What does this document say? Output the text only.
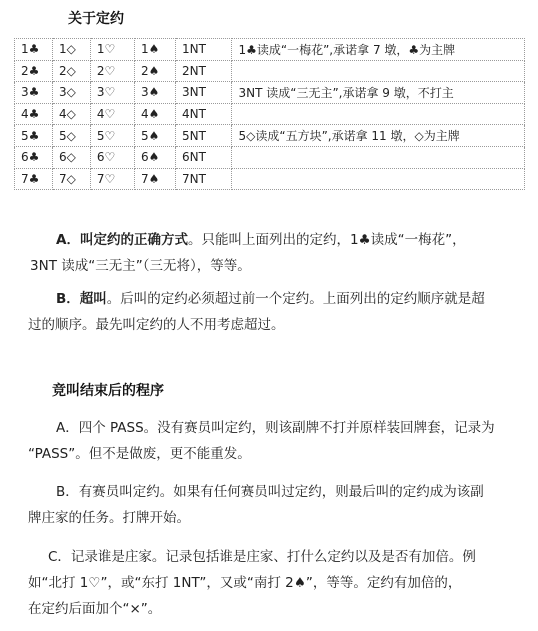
关于定约
1♣	1◇	1♡	1♠	1NT	1♣读成“一梅花”,承诺拿 7 墩，♣为主牌
2♣	2◇	2♡	2♠	2NT	
3♣	3◇	3♡	3♠	3NT	3NT 读成“三无主”,承诺拿 9 墩，不打主
4♣	4◇	4♡	4♠	4NT	
5♣	5◇	5♡	5♠	5NT	5◇读成“五方块”,承诺拿 11 墩，◇为主牌
6♣	6◇	6♡	6♠	6NT	
7♣	7◇	7♡	7♠	7NT	
A．叫定约的正确方式。只能叫上面列出的定约，1♣读成“一梅花”，
3NT 读成“三无主”（三无将），等等。
B．超叫。后叫的定约必须超过前一个定约。上面列出的定约顺序就是超
过的顺序。最先叫定约的人不用考虑超过。
竞叫结束后的程序
A．四个 PASS。没有赛员叫定约，则该副牌不打并原样装回牌套，记录为
“PASS”。但不是做废，更不能重发。
B．有赛员叫定约。如果有任何赛员叫过定约，则最后叫的定约成为该副
牌庄家的任务。打牌开始。
C．记录谁是庄家。记录包括谁是庄家、打什么定约以及是否有加倍。例
如“北打 1♡”，或“东打 1NT”，又或“南打 2♠”，等等。定约有加倍的，
在定约后面加个“×”。
